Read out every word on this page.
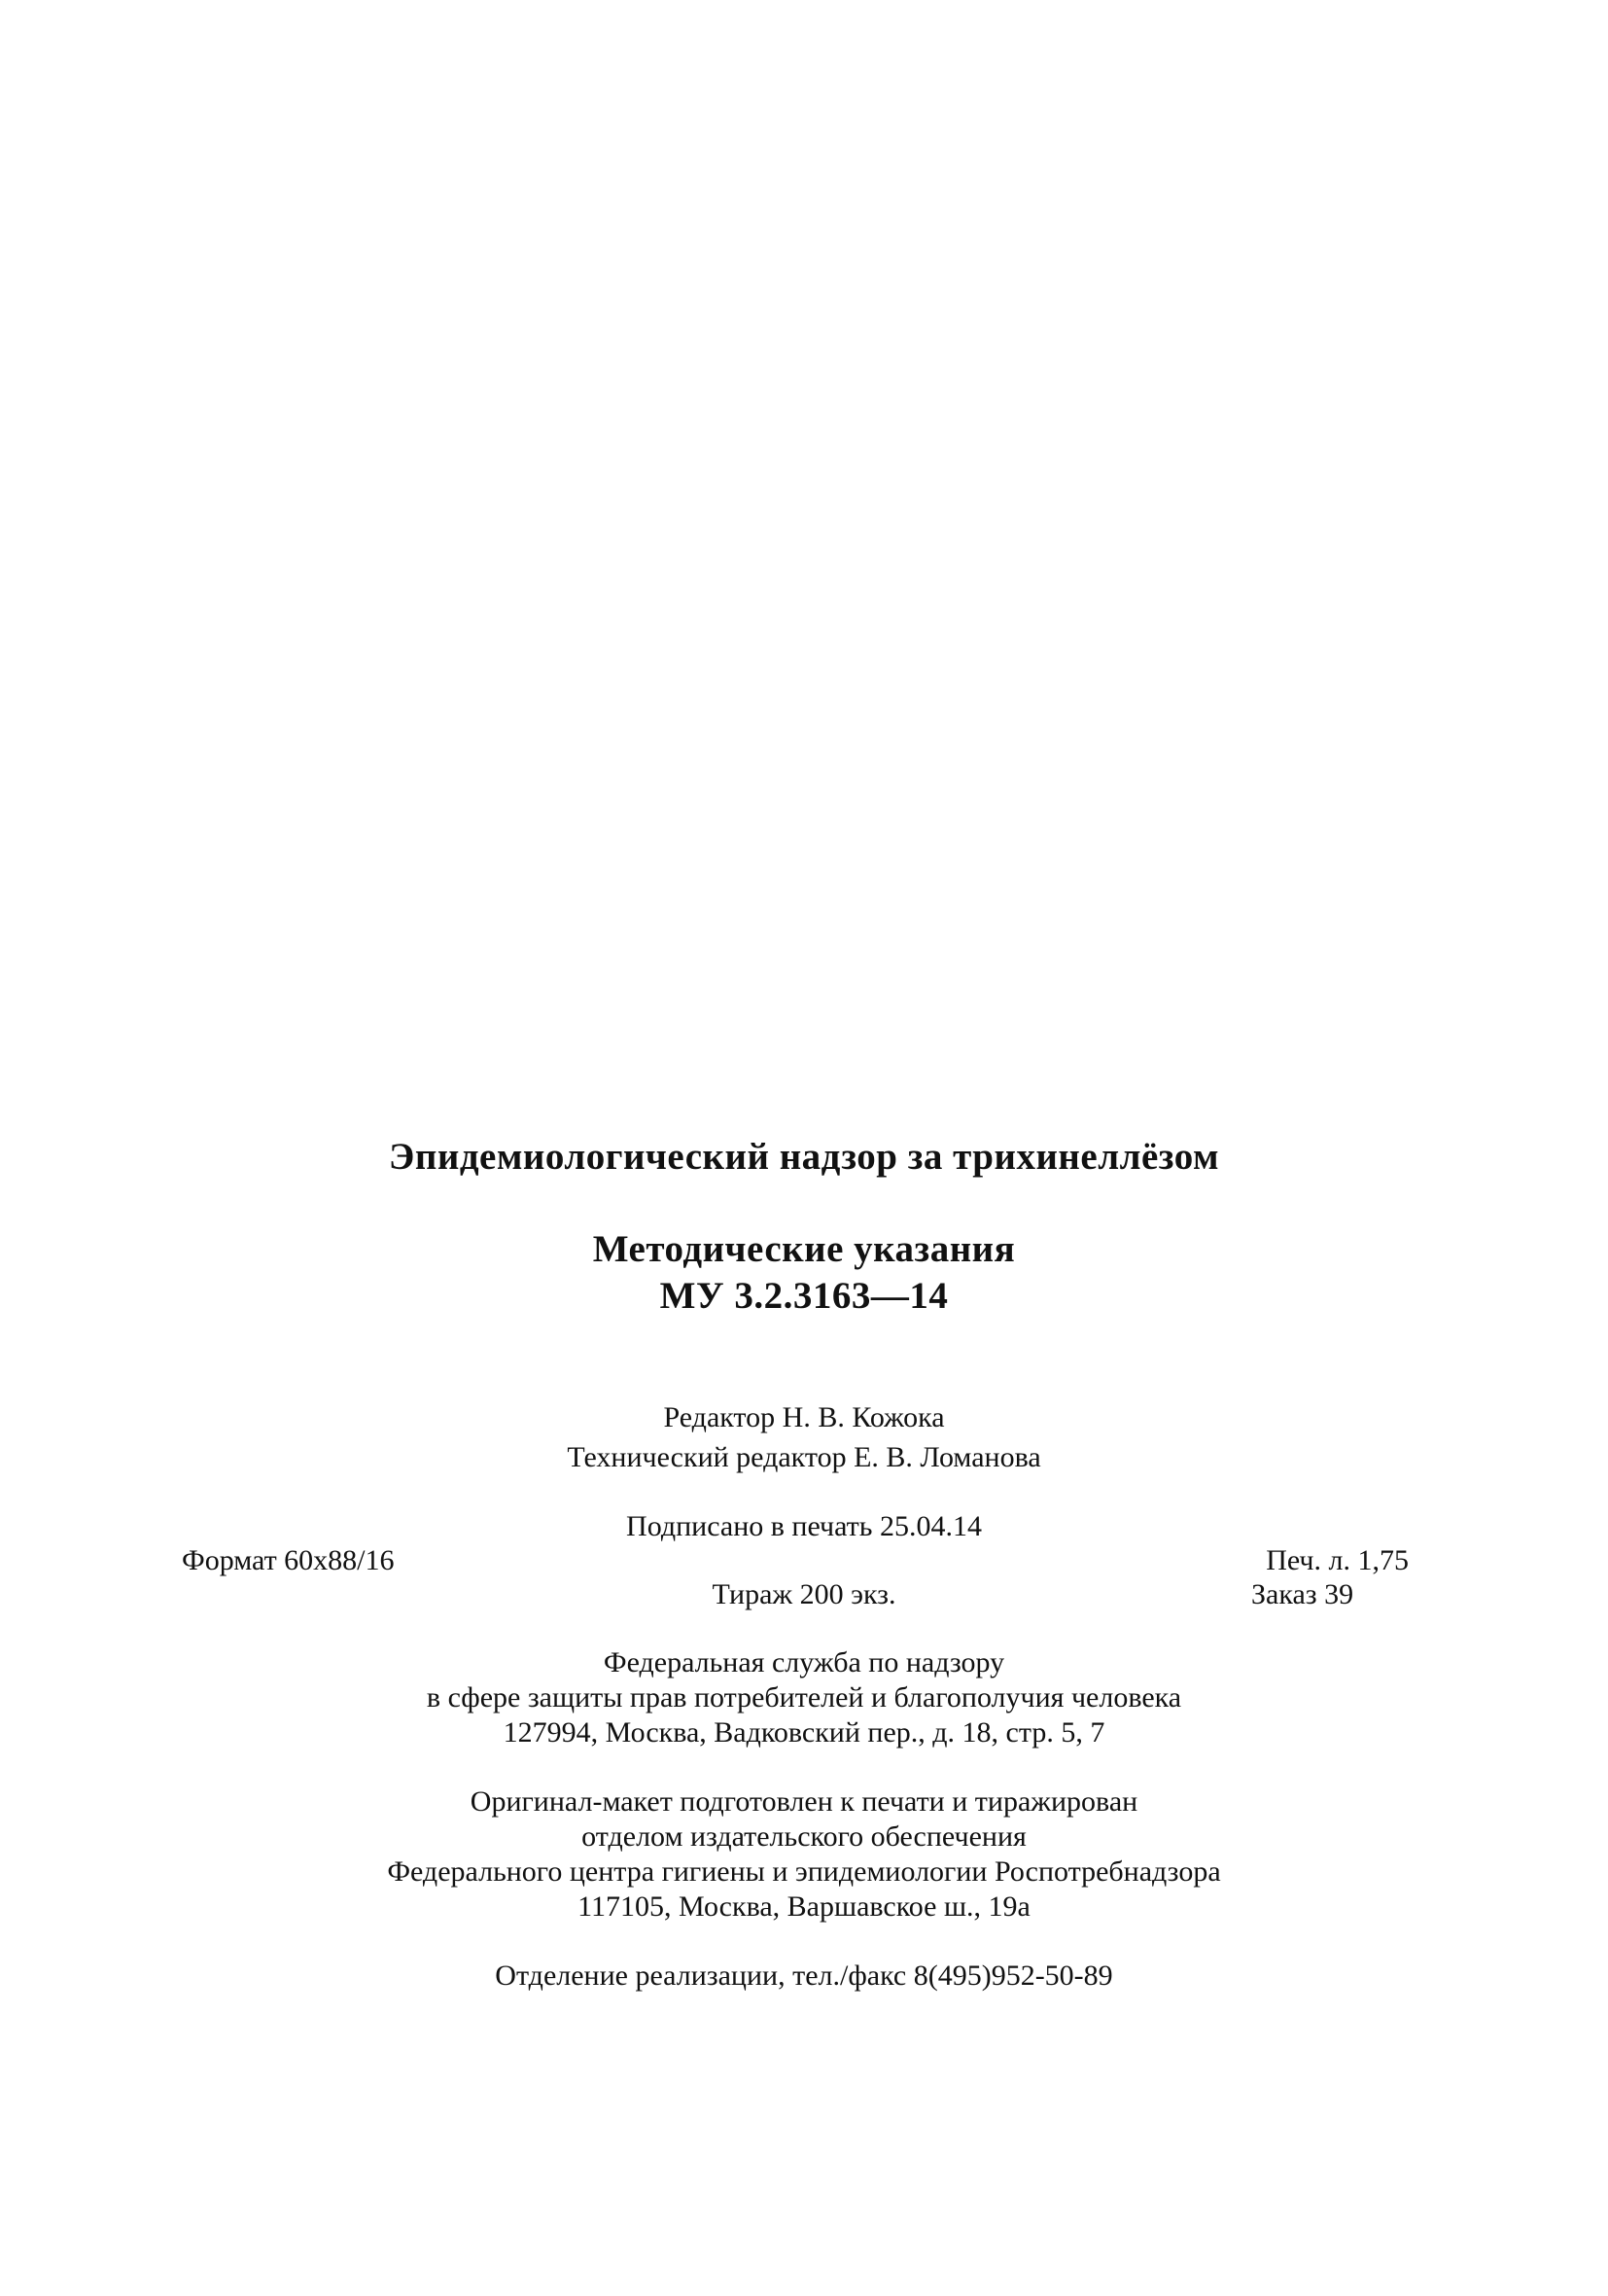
Эпидемиологический надзор за трихинеллёзом
Методические указания
МУ 3.2.3163—14
Редактор Н. В. Кожока
Технический редактор Е. В. Ломанова
Подписано в печать 25.04.14
Формат 60х88/16	Печ. л. 1,75
Тираж 200 экз.	Заказ 39
Федеральная служба по надзору
в сфере защиты прав потребителей и благополучия человека
127994, Москва, Вадковский пер., д. 18, стр. 5, 7
Оригинал-макет подготовлен к печати и тиражирован
отделом издательского обеспечения
Федерального центра гигиены и эпидемиологии Роспотребнадзора
117105, Москва, Варшавское ш., 19а
Отделение реализации, тел./факс 8(495)952-50-89
